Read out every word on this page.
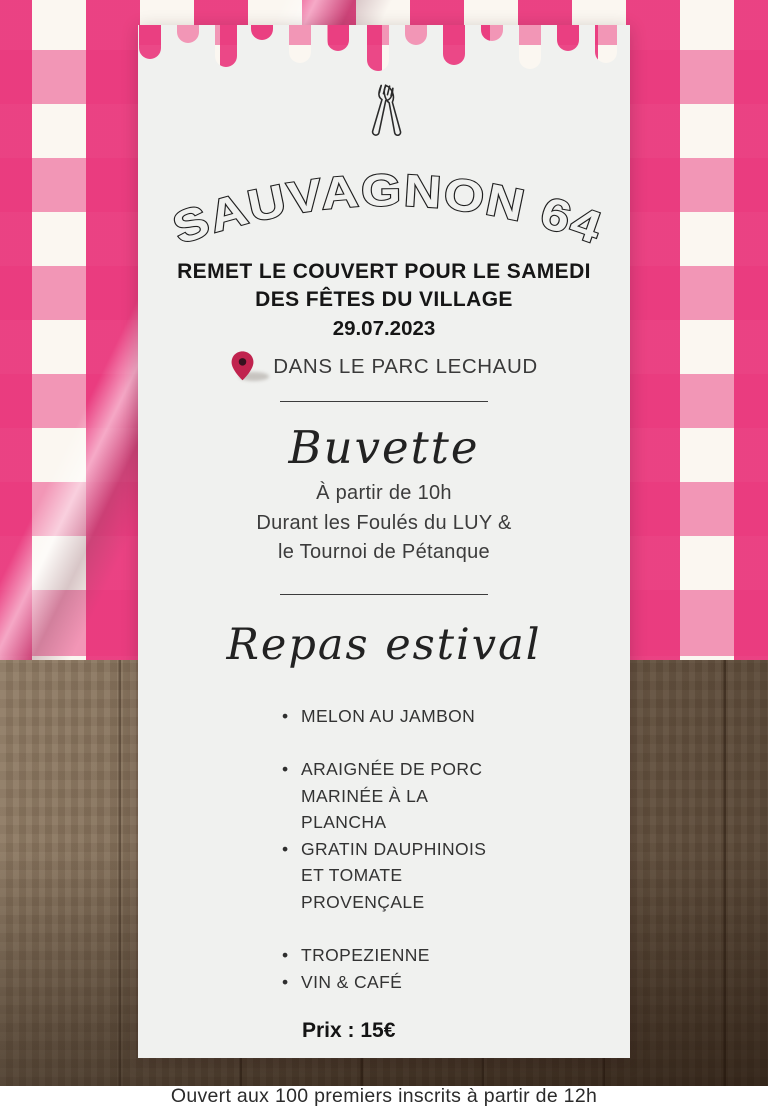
SAUVAGNON 64
REMET LE COUVERT POUR LE SAMEDI
DES FÊTES DU VILLAGE
29.07.2023
DANS LE PARC LECHAUD
Buvette
À partir de 10h
Durant les Foulés du LUY &
le Tournoi de Pétanque
Repas estival
• MELON AU JAMBON
• ARAIGNÉE DE PORC MARINÉE À LA PLANCHA
• GRATIN DAUPHINOIS ET TOMATE PROVENÇALE
• TROPEZIENNE
• VIN & CAFÉ
Prix : 15€
Ouvert aux 100 premiers inscrits à partir de 12h
